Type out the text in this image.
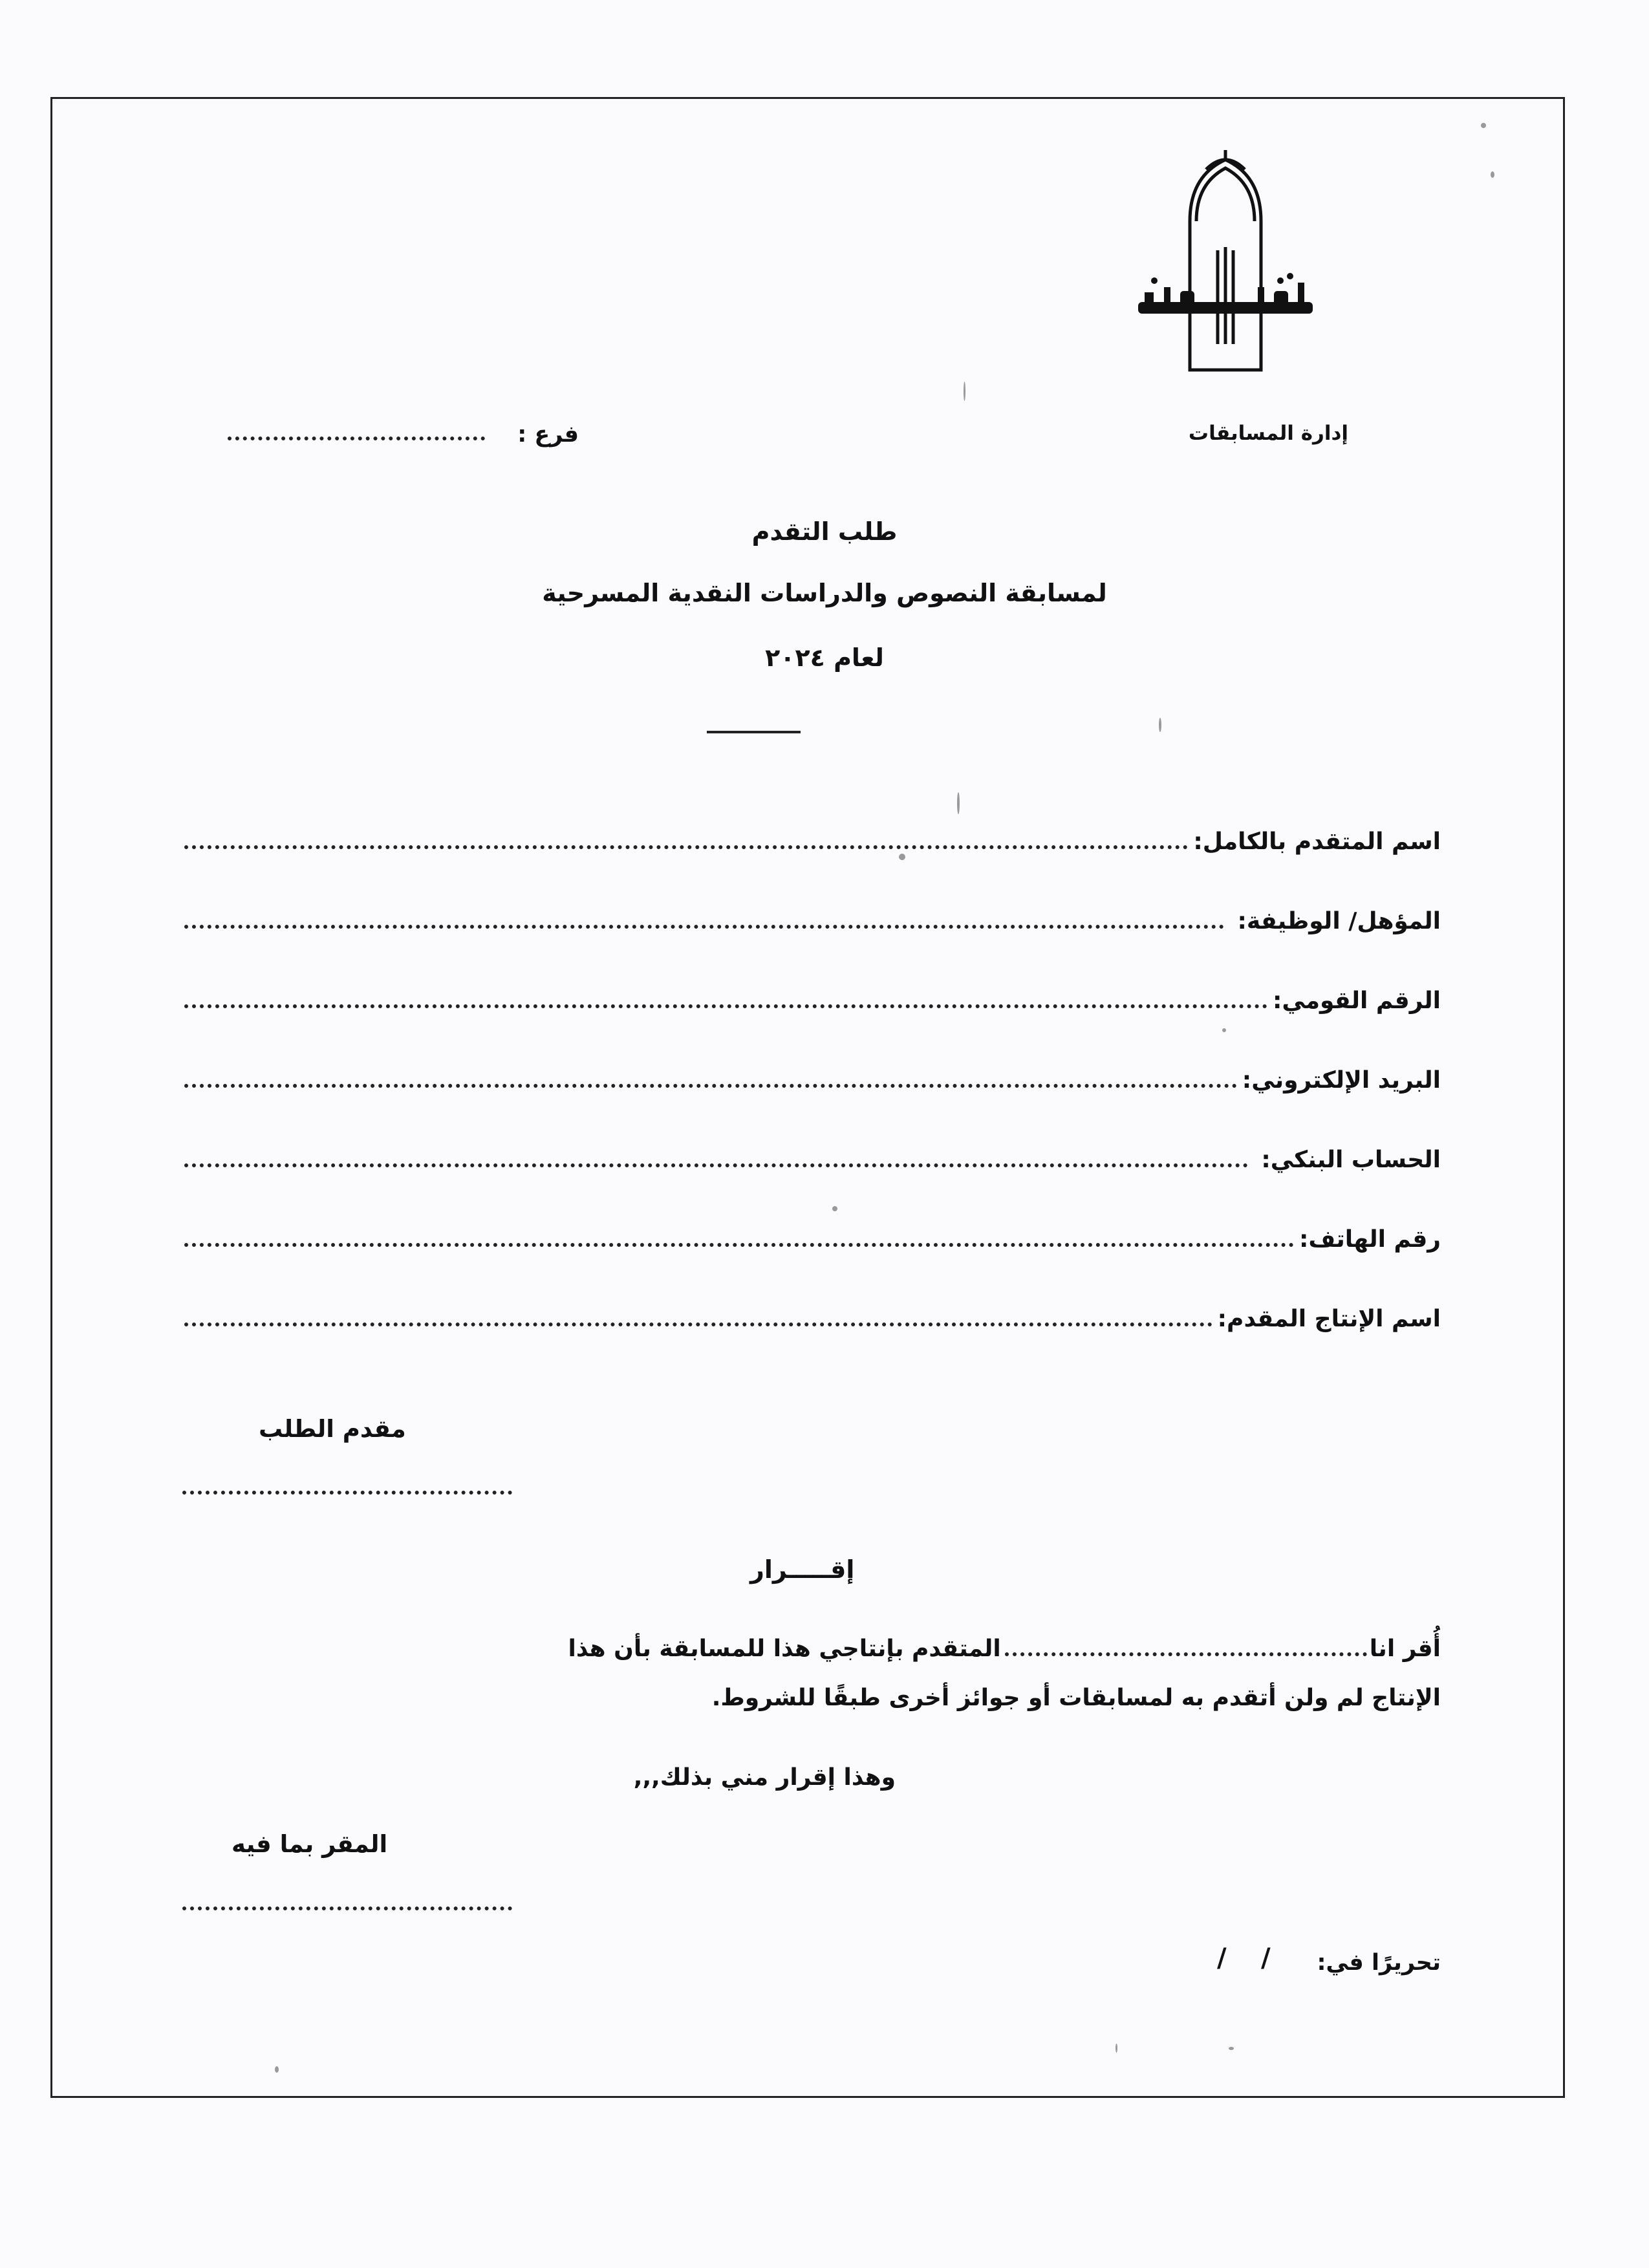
إدارة المسابقات
فرع :
طلب التقدم
لمسابقة النصوص والدراسات النقدية المسرحية
لعام ٢٠٢٤
اسم المتقدم بالكامل:
المؤهل/ الوظيفة:
الرقم القومي:
البريد الإلكتروني:
الحساب البنكي:
رقم الهاتف:
اسم الإنتاج المقدم:
مقدم الطلب
إقـــــرار
أُقر انا
المتقدم بإنتاجي هذا للمسابقة بأن هذا
الإنتاج لم ولن أتقدم به لمسابقات أو جوائز أخرى طبقًا للشروط.
وهذا إقرار مني بذلك,,,
المقر بما فيه
تحريرًا في:
/
/
